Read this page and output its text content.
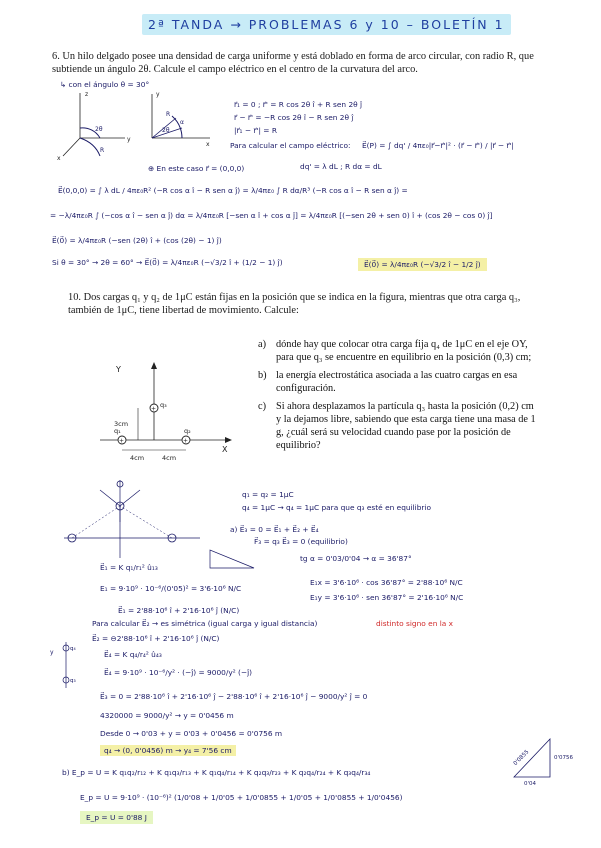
2ª TANDA → PROBLEMAS 6 y 10 – BOLETÍN 1
6. Un hilo delgado posee una densidad de carga uniforme y está doblado en forma de arco circular, con radio R, que subtiende un ángulo 2θ. Calcule el campo eléctrico en el centro de la curvatura del arco.
↳ con el ángulo θ = 30°
2θ
z
y
x
R
2θ
α
y
x
R
r⃗₁ = 0 ; r⃗' = R cos 2θ î + R sen 2θ ĵ
r⃗ − r⃗' = −R cos 2θ î − R sen 2θ ĵ
|r⃗₁ − r⃗'| = R
Para calcular el campo eléctrico: E⃗(P) = ∫ dq' / 4πε₀|r⃗−r⃗'|² · (r⃗ − r⃗') / |r⃗ − r⃗'|
⊕ En este caso r⃗ = (0,0,0)	dq' = λ dL ; R dα = dL
E⃗(0,0,0) = ∫ λ dL / 4πε₀R² (−R cos α î − R sen α ĵ) = λ/4πε₀ ∫ R dα/R³ (−R cos α î − R sen α ĵ) =
= −λ/4πε₀R ∫ (−cos α î − sen α ĵ) dα = λ/4πε₀R [−sen α î + cos α ĵ] = λ/4πε₀R [(−sen 2θ + sen 0) î + (cos 2θ − cos 0) ĵ]
E⃗(0⃗) = λ/4πε₀R (−sen (2θ) î + (cos (2θ) − 1) ĵ)
Si θ = 30° → 2θ = 60° → E⃗(0⃗) = λ/4πε₀R (−√3/2 î + (1/2 − 1) ĵ)	E⃗(0⃗) = λ/4πε₀R (−√3/2 î − 1/2 ĵ)
10. Dos cargas q₁ y q₂ de 1μC están fijas en la posición que se indica en la figura, mientras que otra carga q₃, también de 1μC, tiene libertad de movimiento. Calcule:
+	+
+
Y
X
q₁	q₂
q₃
3cm
4cm	4cm
a) dónde hay que colocar otra carga fija q₄ de 1μC en el eje OY, para que q₃ se encuentre en equilibrio en la posición (0,3) cm;
b) la energía electrostática asociada a las cuatro cargas en esa configuración.
c) Si ahora desplazamos la partícula q₃ hasta la posición (0,2) cm y la dejamos libre, sabiendo que esta carga tiene una masa de 1 g, ¿cuál será su velocidad cuando pase por la posición de equilibrio?
q₁ = q₂ = 1μC
q₄ = 1μC → q₄ = 1μC para que q₃ esté en equilibrio
a) E⃗₃ = 0 = E⃗₁ + E⃗₂ + E⃗₄
F⃗₃ = q₃ E⃗₃ = 0 (equilibrio)
tg α = 0'03/0'04 → α = 36'87°
E⃗₁ = K q₁/r₁² û₁₃
E₁ = 9·10⁹ · 10⁻⁶/(0'05)² = 3'6·10⁶ N/C
E₁x = 3'6·10⁶ · cos 36'87° = 2'88·10⁶ N/C
E₁y = 3'6·10⁶ · sen 36'87° = 2'16·10⁶ N/C
E⃗₁ = 2'88·10⁶ î + 2'16·10⁶ ĵ (N/C)
Para calcular E⃗₂ → es simétrica (igual carga y igual distancia)	distinto signo en la x
E⃗₂ = ⊖2'88·10⁶ î + 2'16·10⁶ ĵ (N/C)
y	q₄
q₃
E⃗₄ = K q₄/r₄² û₄₃
E⃗₄ = 9·10⁹ · 10⁻⁶/y² · (−ĵ) = 9000/y² (−ĵ)
E⃗₃ = 0 = 2'88·10⁶ î + 2'16·10⁶ ĵ − 2'88·10⁶ î + 2'16·10⁶ ĵ − 9000/y² ĵ = 0
4320000 = 9000/y² → y = 0'0456 m
Desde 0 → 0'03 + y = 0'03 + 0'0456 = 0'0756 m
q₄ → (0, 0'0456) m → y₄ = 7'56 cm
b) E_p = U = K q₁q₂/r₁₂ + K q₁q₃/r₁₃ + K q₁q₄/r₁₄ + K q₂q₃/r₂₃ + K q₂q₄/r₂₄ + K q₃q₄/r₃₄
E_p = U = 9·10⁹ · (10⁻⁶)² (1/0'08 + 1/0'05 + 1/0'0855 + 1/0'05 + 1/0'0855 + 1/0'0456)
E_p = U = 0'88 J
0'0855
0'04
0'0756
